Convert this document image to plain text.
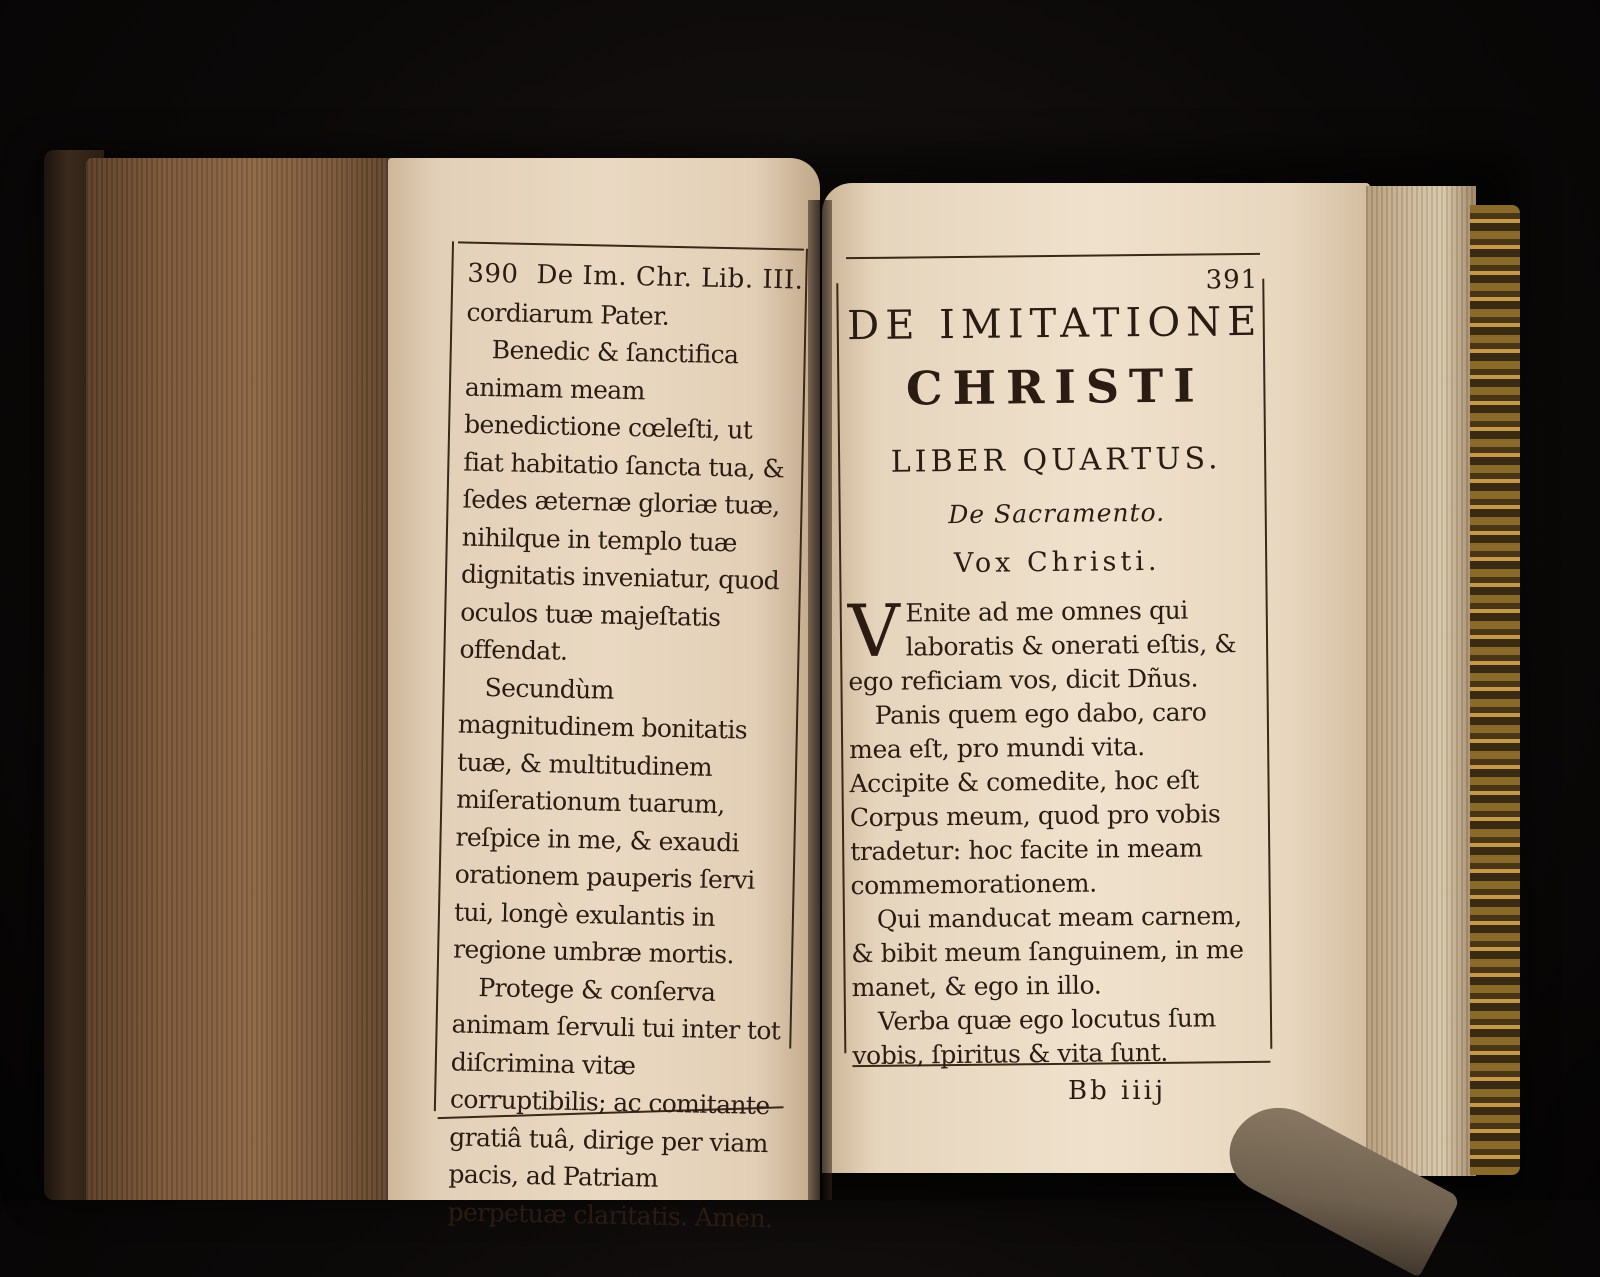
390 De Im. Chr. Lib. III.

cordiarum Pater.

Benedic & ſanctifica animam meam benedictione cœleſti, ut fiat habitatio ſancta tua, & ſedes æternæ gloriæ tuæ, nihilque in templo tuæ dignitatis inveniatur, quod oculos tuæ majeſtatis offendat.

Secundùm magnitudinem bonitatis tuæ, & multitudinem miſerationum tuarum, reſpice in me, & exaudi orationem pauperis ſervi tui, longè exulantis in regione umbræ mortis.

Protege & conſerva animam ſervuli tui inter tot diſcrimina vitæ corruptibilis; ac comitante gratiâ tuâ, dirige per viam pacis, ad Patriam perpetuæ claritatis. Amen.

391
DE IMITATIONE
CHRISTI
LIBER QUARTUS.
De Sacramento.
Vox Christi.

V Enite ad me omnes qui laboratis & onerati eſtis, & ego reficiam vos, dicit Dñus.

Panis quem ego dabo, caro mea eſt, pro mundi vita.

Accipite & comedite, hoc eſt Corpus meum, quod pro vobis tradetur: hoc facite in meam commemorationem.

Qui manducat meam carnem, & bibit meum ſanguinem, in me manet, & ego in illo.

Verba quæ ego locutus ſum vobis, ſpiritus & vita ſunt.

Bb iiij
